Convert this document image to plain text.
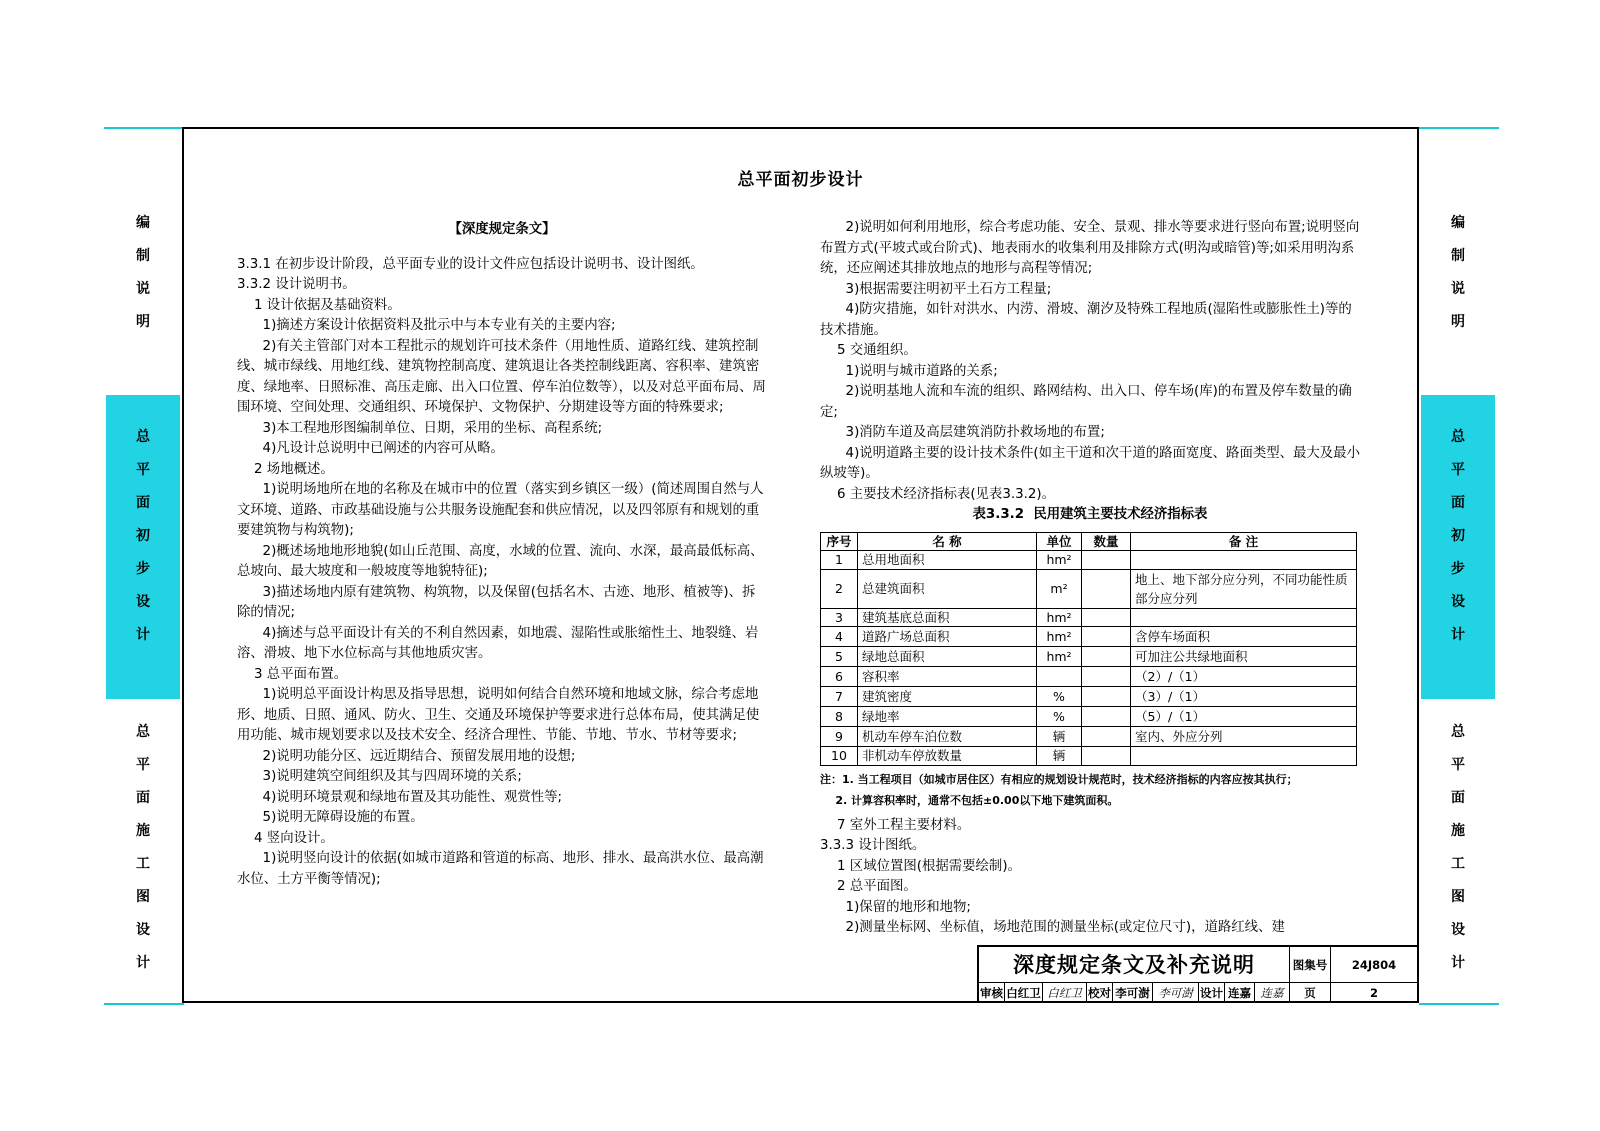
编
制
说
明
总
平
面
初
步
设
计
总
平
面
施
工
图
设
计
编
制
说
明
总
平
面
初
步
设
计
总
平
面
施
工
图
设
计
总平面初步设计

【深度规定条文】

3.3.1 在初步设计阶段，总平面专业的设计文件应包括设计说明书、设计图纸。

3.3.2 设计说明书。

1 设计依据及基础资料。

1)摘述方案设计依据资料及批示中与本专业有关的主要内容;

2)有关主管部门对本工程批示的规划许可技术条件（用地性质、道路红线、建筑控制线、城市绿线、用地红线、建筑物控制高度、建筑退让各类控制线距离、容积率、建筑密度、绿地率、日照标准、高压走廊、出入口位置、停车泊位数等），以及对总平面布局、周围环境、空间处理、交通组织、环境保护、文物保护、分期建设等方面的特殊要求;

3)本工程地形图编制单位、日期，采用的坐标、高程系统;

4)凡设计总说明中已阐述的内容可从略。

2 场地概述。

1)说明场地所在地的名称及在城市中的位置（落实到乡镇区一级）(简述周围自然与人文环境、道路、市政基础设施与公共服务设施配套和供应情况，以及四邻原有和规划的重要建筑物与构筑物);

2)概述场地地形地貌(如山丘范围、高度，水域的位置、流向、水深，最高最低标高、总坡向、最大坡度和一般坡度等地貌特征);

3)描述场地内原有建筑物、构筑物，以及保留(包括名木、古迹、地形、植被等)、拆除的情况;

4)摘述与总平面设计有关的不利自然因素，如地震、湿陷性或胀缩性土、地裂缝、岩溶、滑坡、地下水位标高与其他地质灾害。

3 总平面布置。

1)说明总平面设计构思及指导思想，说明如何结合自然环境和地域文脉，综合考虑地形、地质、日照、通风、防火、卫生、交通及环境保护等要求进行总体布局，使其满足使用功能、城市规划要求以及技术安全、经济合理性、节能、节地、节水、节材等要求;

2)说明功能分区、远近期结合、预留发展用地的设想;

3)说明建筑空间组织及其与四周环境的关系;

4)说明环境景观和绿地布置及其功能性、观赏性等;

5)说明无障碍设施的布置。

4 竖向设计。

1)说明竖向设计的依据(如城市道路和管道的标高、地形、排水、最高洪水位、最高潮水位、土方平衡等情况);

2)说明如何利用地形，综合考虑功能、安全、景观、排水等要求进行竖向布置;说明竖向布置方式(平坡式或台阶式)、地表雨水的收集利用及排除方式(明沟或暗管)等;如采用明沟系统，还应阐述其排放地点的地形与高程等情况;

3)根据需要注明初平土石方工程量;

4)防灾措施，如针对洪水、内涝、滑坡、潮汐及特殊工程地质(湿陷性或膨胀性土)等的技术措施。

5 交通组织。

1)说明与城市道路的关系;

2)说明基地人流和车流的组织、路网结构、出入口、停车场(库)的布置及停车数量的确定;

3)消防车道及高层建筑消防扑救场地的布置;

4)说明道路主要的设计技术条件(如主干道和次干道的路面宽度、路面类型、最大及最小纵坡等)。

6 主要技术经济指标表(见表3.3.2)。

表3.3.2  民用建筑主要技术经济指标表

序号	名 称	单位	数量	备 注
1	总用地面积	hm²		
2	总建筑面积	m²		地上、地下部分应分列，不同功能性质部分应分列
3	建筑基底总面积	hm²		
4	道路广场总面积	hm²		含停车场面积
5	绿地总面积	hm²		可加注公共绿地面积
6	容积率			（2）/（1）
7	建筑密度	%		（3）/（1）
8	绿地率	%		（5）/（1）
9	机动车停车泊位数	辆		室内、外应分列
10	非机动车停放数量	辆		

注：1. 当工程项目（如城市居住区）有相应的规划设计规范时，技术经济指标的内容应按其执行；

2. 计算容积率时，通常不包括±0.00以下地下建筑面积。

7 室外工程主要材料。

3.3.3 设计图纸。

1 区域位置图(根据需要绘制)。

2 总平面图。

1)保留的地形和地物;

2)测量坐标网、坐标值，场地范围的测量坐标(或定位尺寸)，道路红线、建

深度规定条文及补充说明	图集号	24J804
审核 白红卫 白红卫 校对 李可澍 李可澍 设计 连嘉 连嘉	页	2
